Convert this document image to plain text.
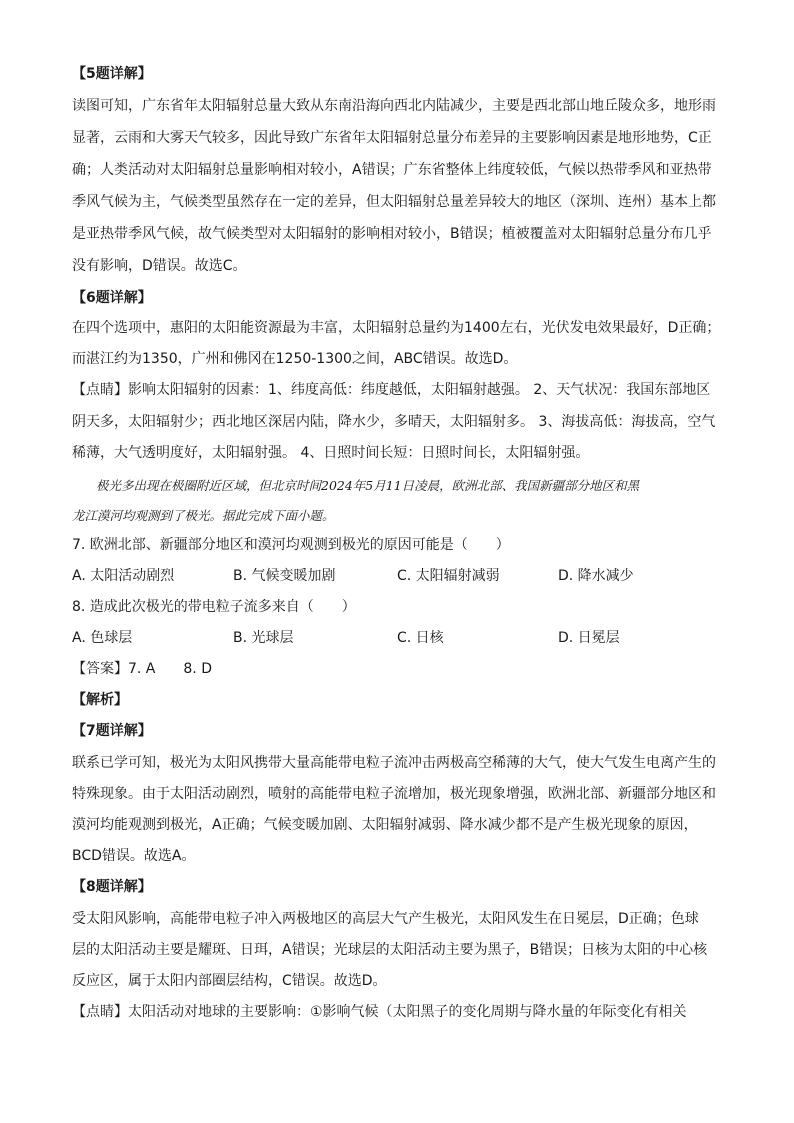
【5题详解】
读图可知，广东省年太阳辐射总量大致从东南沿海向西北内陆减少，主要是西北部山地丘陵众多，地形雨
显著，云雨和大雾天气较多，因此导致广东省年太阳辐射总量分布差异的主要影响因素是地形地势，C正
确；人类活动对太阳辐射总量影响相对较小，A错误；广东省整体上纬度较低，气候以热带季风和亚热带
季风气候为主，气候类型虽然存在一定的差异，但太阳辐射总量差异较大的地区（深圳、连州）基本上都
是亚热带季风气候，故气候类型对太阳辐射的影响相对较小，B错误；植被覆盖对太阳辐射总量分布几乎
没有影响，D错误。故选C。
【6题详解】
在四个选项中，惠阳的太阳能资源最为丰富，太阳辐射总量约为1400左右，光伏发电效果最好，D正确；
而湛江约为1350，广州和佛冈在1250-1300之间，ABC错误。故选D。
【点睛】影响太阳辐射的因素：1、纬度高低：纬度越低，太阳辐射越强。 2、天气状况：我国东部地区
阴天多，太阳辐射少；西北地区深居内陆，降水少，多晴天，太阳辐射多。 3、海拔高低：海拔高，空气
稀薄，大气透明度好，太阳辐射强。 4、日照时间长短：日照时间长，太阳辐射强。
极光多出现在极圈附近区域，但北京时间2024年5月11日凌晨，欧洲北部、我国新疆部分地区和黑
龙江漠河均观测到了极光。据此完成下面小题。
7. 欧洲北部、新疆部分地区和漠河均观测到极光的原因可能是（　　）
A. 太阳活动剧烈	B. 气候变暖加剧	C. 太阳辐射减弱	D. 降水减少
8. 造成此次极光的带电粒子流多来自（　　）
A. 色球层	B. 光球层	C. 日核	D. 日冕层
【答案】7. A　　8. D
【解析】
【7题详解】
联系已学可知，极光为太阳风携带大量高能带电粒子流冲击两极高空稀薄的大气，使大气发生电离产生的
特殊现象。由于太阳活动剧烈，喷射的高能带电粒子流增加，极光现象增强，欧洲北部、新疆部分地区和
漠河均能观测到极光，A正确；气候变暖加剧、太阳辐射减弱、降水减少都不是产生极光现象的原因，
BCD错误。故选A。
【8题详解】
受太阳风影响，高能带电粒子冲入两极地区的高层大气产生极光，太阳风发生在日冕层，D正确；色球
层的太阳活动主要是耀斑、日珥，A错误；光球层的太阳活动主要为黑子，B错误；日核为太阳的中心核
反应区，属于太阳内部圈层结构，C错误。故选D。
【点睛】太阳活动对地球的主要影响：①影响气候（太阳黑子的变化周期与降水量的年际变化有相关
